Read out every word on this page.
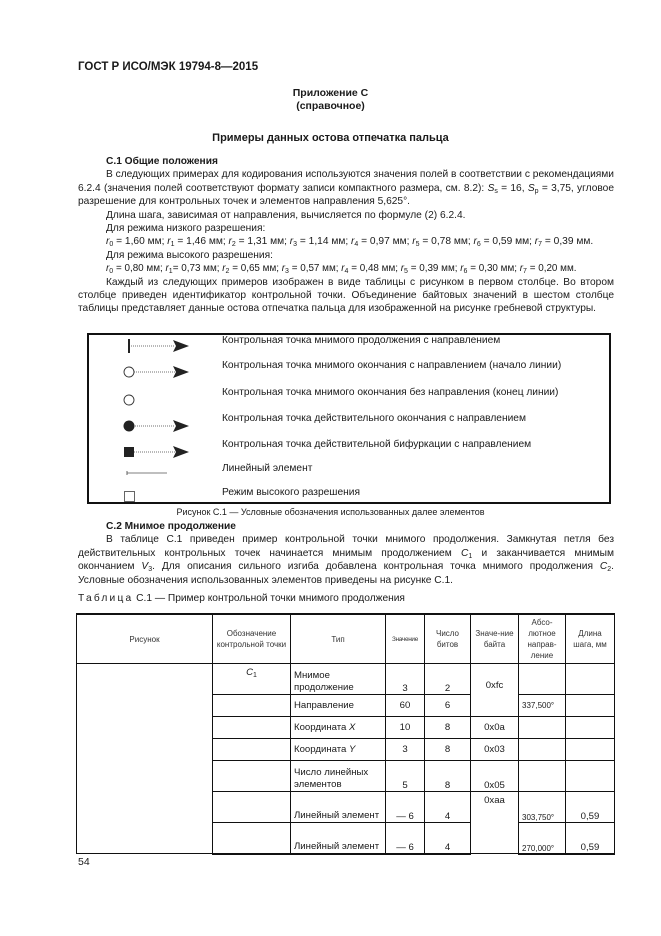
ГОСТ Р ИСО/МЭК 19794-8—2015
Приложение С
(справочное)
Примеры данных остова отпечатка пальца

С.1 Общие положения

В следующих примерах для кодирования используются значения полей в соответствии с рекомендациями 6.2.4 (значения полей соответствуют формату записи компактного размера, см. 8.2): $S_s = 16$, $S_p = 3,75$, угловое разрешение для контрольных точек и элементов направления 5,625°.

Длина шага, зависимая от направления, вычисляется по формуле (2) 6.2.4.

Для режима низкого разрешения:

$r_0 = 1,60$ мм; $r_1 = 1,46$ мм; $r_2 = 1,31$ мм; $r_3 = 1,14$ мм; $r_4 = 0,97$ мм; $r_5 = 0,78$ мм; $r_6 = 0,59$ мм; $r_7 = 0,39$ мм.

Для режима высокого разрешения:

$r_0 = 0,80$ мм; $r_1= 0,73$ мм; $r_2 = 0,65$ мм; $r_3 = 0,57$ мм; $r_4 = 0,48$ мм; $r_5 = 0,39$ мм; $r_6 = 0,30$ мм; $r_7 = 0,20$ мм.

Каждый из следующих примеров изображен в виде таблицы с рисунком в первом столбце. Во втором столбце приведен идентификатор контрольной точки. Объединение байтовых значений в шестом столбце таблицы представляет данные остова отпечатка пальца для изображенной на рисунке гребневой структуры.

Контрольная точка мнимого продолжения с направлением
Контрольная точка мнимого окончания с направлением (начало линии)
Контрольная точка мнимого окончания без направления (конец линии)
Контрольная точка действительного окончания с направлением
Контрольная точка действительной бифуркации с направлением
Линейный элемент
Режим высокого разрешения
Рисунок С.1 — Условные обозначения использованных далее элементов

С.2 Мнимое продолжение

В таблице С.1 приведен пример контрольной точки мнимого продолжения. Замкнутая петля без действительных контрольных точек начинается мнимым продолжением $C_1$ и заканчивается мнимым окончанием $V_3$. Для описания сильного изгиба добавлена контрольная точка мнимого продолжения $C_2$. Условные обозначения использованных элементов приведены на рисунке С.1.

Таблица С.1 — Пример контрольной точки мнимого продолжения

Рисунок	Обозначение контрольной точки	Тип	Значение	Число битов	Значе-ние байта	Абсо-лютное направ-ление	Длина шага, мм
	$C_1$	Мнимое продолжение	3	2	0xfc		
		Направление	60	6		337,500°	
		Координата X	10	8	0x0a		
		Координата Y	3	8	0x03		
		Число линейных элементов	5	8	0x05		
		Линейный элемент	— 6	4	0xaa	303,750°	0,59
		Линейный элемент	— 6	4		270,000°	0,59
54
